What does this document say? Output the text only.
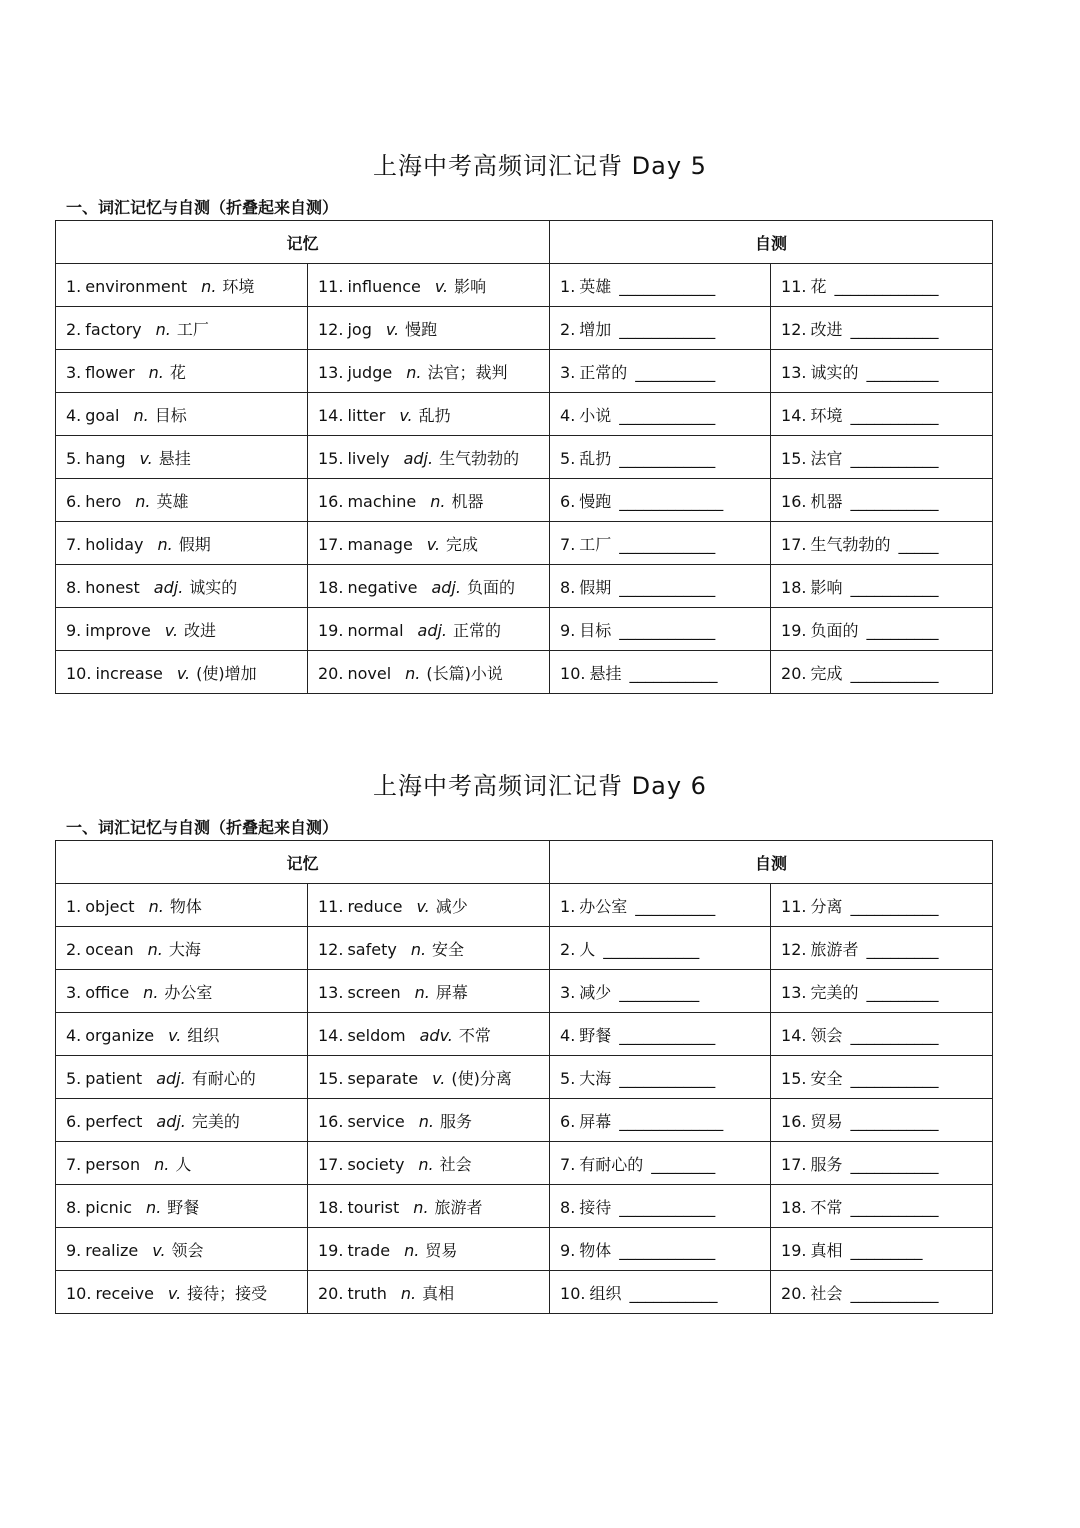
上海中考高频词汇记背 Day 5
一、词汇记忆与自测（折叠起来自测）
记忆		自测	
1. environment n. 环境	11. influence v. 影响	1. 英雄 ____________	11. 花 _____________
2. factory n. 工厂	12. jog v. 慢跑	2. 增加 ____________	12. 改进 ___________
3. flower n. 花	13. judge n. 法官；裁判	3. 正常的 __________	13. 诚实的 _________
4. goal n. 目标	14. litter v. 乱扔	4. 小说 ____________	14. 环境 ___________
5. hang v. 悬挂	15. lively adj. 生气勃勃的	5. 乱扔 ____________	15. 法官 ___________
6. hero n. 英雄	16. machine n. 机器	6. 慢跑 _____________	16. 机器 ___________
7. holiday n. 假期	17. manage v. 完成	7. 工厂 ____________	17. 生气勃勃的 _____
8. honest adj. 诚实的	18. negative adj. 负面的	8. 假期 ____________	18. 影响 ___________
9. improve v. 改进	19. normal adj. 正常的	9. 目标 ____________	19. 负面的 _________
10. increase v. (使)增加	20. novel n. (长篇)小说	10. 悬挂 ___________	20. 完成 ___________
上海中考高频词汇记背 Day 6
一、词汇记忆与自测（折叠起来自测）
记忆		自测	
1. object n. 物体	11. reduce v. 减少	1. 办公室 __________	11. 分离 ___________
2. ocean n. 大海	12. safety n. 安全	2. 人 ____________	12. 旅游者 _________
3. office n. 办公室	13. screen n. 屏幕	3. 减少 __________	13. 完美的 _________
4. organize v. 组织	14. seldom adv. 不常	4. 野餐 ____________	14. 领会 ___________
5. patient adj. 有耐心的	15. separate v. (使)分离	5. 大海 ____________	15. 安全 ___________
6. perfect adj. 完美的	16. service n. 服务	6. 屏幕 _____________	16. 贸易 ___________
7. person n. 人	17. society n. 社会	7. 有耐心的 ________	17. 服务 ___________
8. picnic n. 野餐	18. tourist n. 旅游者	8. 接待 ____________	18. 不常 ___________
9. realize v. 领会	19. trade n. 贸易	9. 物体 ____________	19. 真相 _________
10. receive v. 接待；接受	20. truth n. 真相	10. 组织 ___________	20. 社会 ___________
